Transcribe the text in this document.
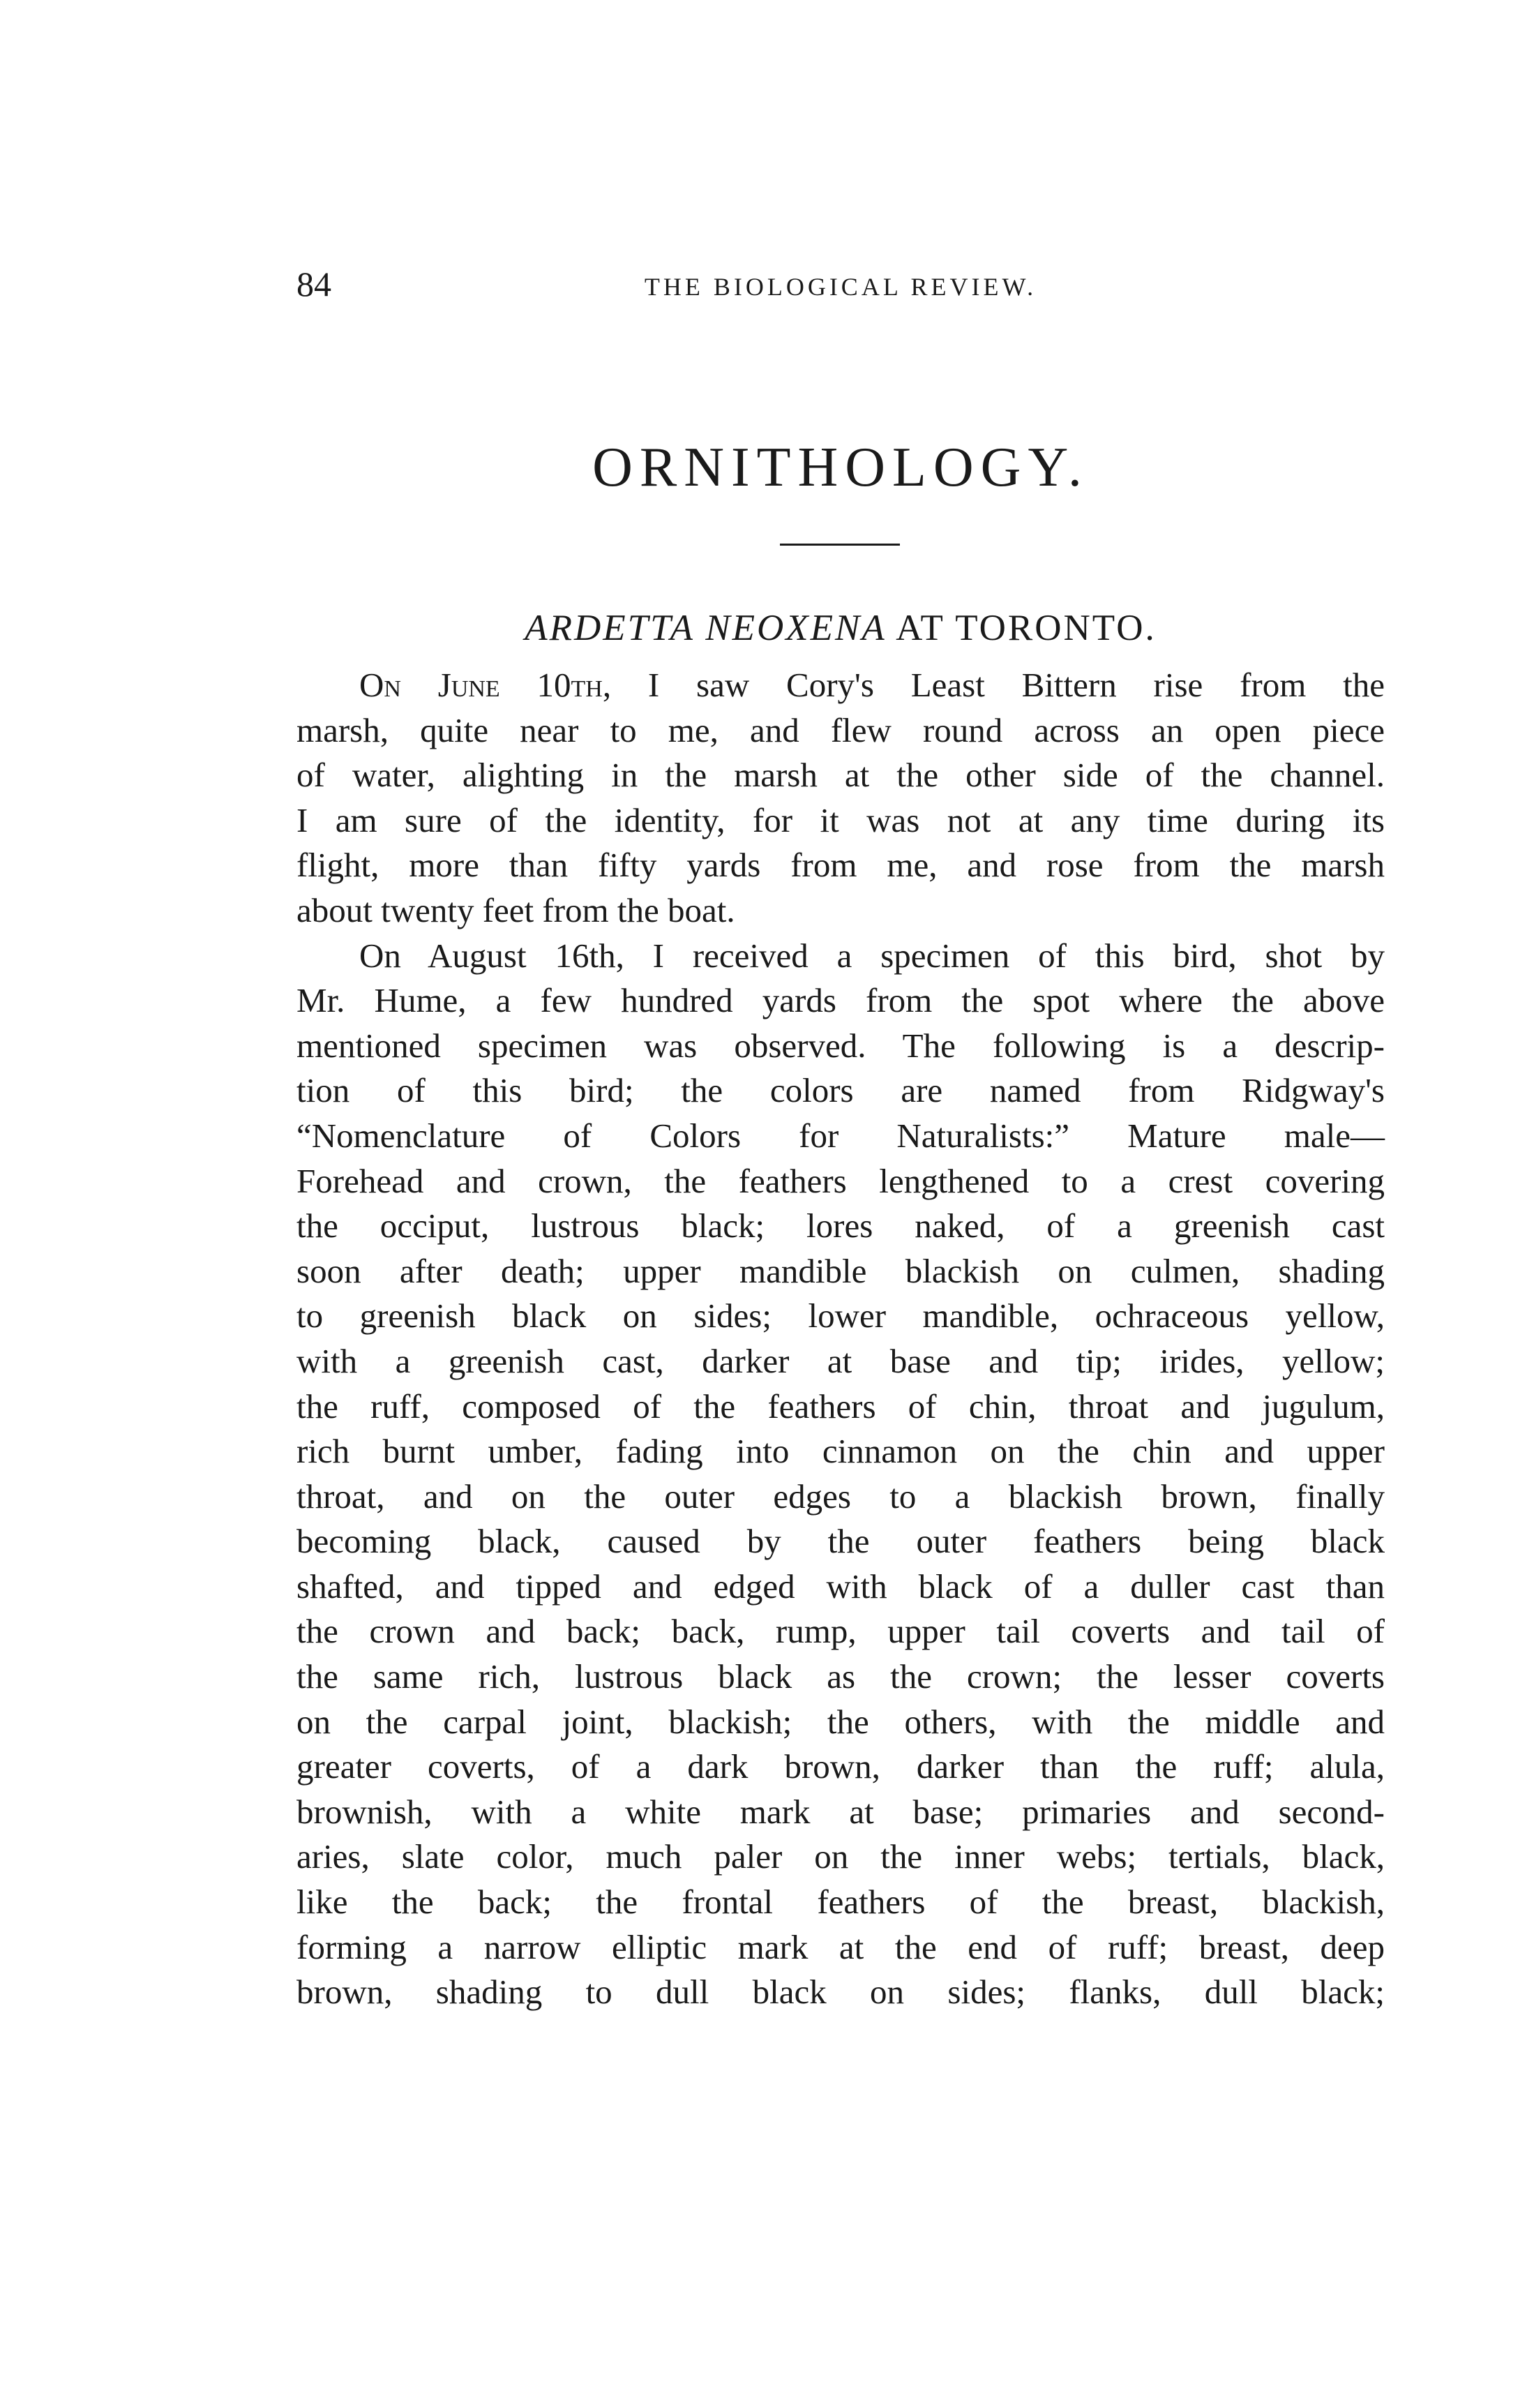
84	THE BIOLOGICAL REVIEW.
ORNITHOLOGY.
ARDETTA NEOXENA AT TORONTO.
On June 10th, I saw Cory's Least Bittern rise from the
marsh, quite near to me, and flew round across an open piece
of water, alighting in the marsh at the other side of the channel.
I am sure of the identity, for it was not at any time during its
flight, more than fifty yards from me, and rose from the marsh
about twenty feet from the boat.
On August 16th, I received a specimen of this bird, shot by
Mr. Hume, a few hundred yards from the spot where the above
mentioned specimen was observed. The following is a descrip-
tion of this bird; the colors are named from Ridgway's
“Nomenclature of Colors for Naturalists:” Mature male—
Forehead and crown, the feathers lengthened to a crest covering
the occiput, lustrous black; lores naked, of a greenish cast
soon after death; upper mandible blackish on culmen, shading
to greenish black on sides; lower mandible, ochraceous yellow,
with a greenish cast, darker at base and tip; irides, yellow;
the ruff, composed of the feathers of chin, throat and jugulum,
rich burnt umber, fading into cinnamon on the chin and upper
throat, and on the outer edges to a blackish brown, finally
becoming black, caused by the outer feathers being black
shafted, and tipped and edged with black of a duller cast than
the crown and back; back, rump, upper tail coverts and tail of
the same rich, lustrous black as the crown; the lesser coverts
on the carpal joint, blackish; the others, with the middle and
greater coverts, of a dark brown, darker than the ruff; alula,
brownish, with a white mark at base; primaries and second-
aries, slate color, much paler on the inner webs; tertials, black,
like the back; the frontal feathers of the breast, blackish,
forming a narrow elliptic mark at the end of ruff; breast, deep
brown, shading to dull black on sides; flanks, dull black;
